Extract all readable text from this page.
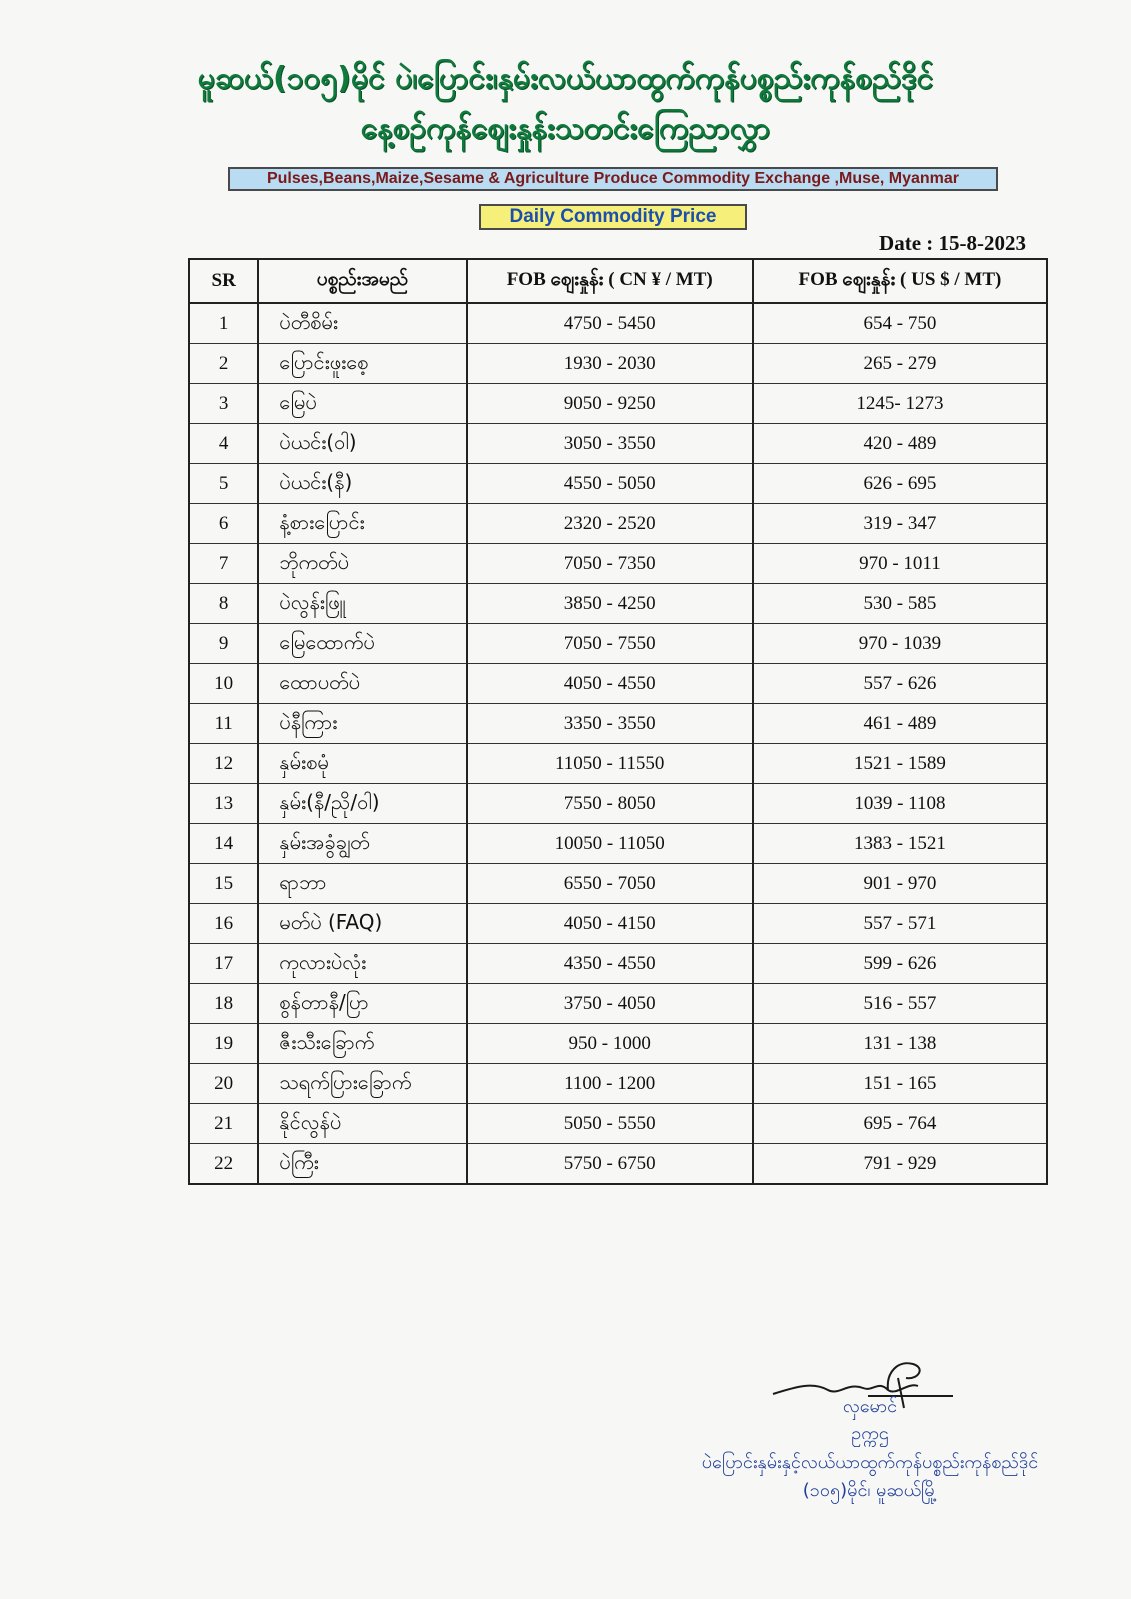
မူဆယ်(၁၀၅)မိုင် ပဲ၊ပြောင်း၊နှမ်းလယ်ယာထွက်ကုန်ပစ္စည်းကုန်စည်ဒိုင်
နေ့စဉ်ကုန်ဈေးနှုန်းသတင်းကြေညာလွှာ
Pulses,Beans,Maize,Sesame & Agriculture Produce Commodity Exchange ,Muse, Myanmar
Daily Commodity Price
Date : 15-8-2023
SR	ပစ္စည်းအမည်	FOB ဈေးနှုန်း ( CN ¥ / MT)	FOB ဈေးနှုန်း ( US $ / MT)
1	ပဲတီစိမ်း	4750 - 5450	654 - 750
2	ပြောင်းဖူးစေ့	1930 - 2030	265 - 279
3	မြေပဲ	9050 - 9250	1245- 1273
4	ပဲယင်း(ဝါ)	3050 - 3550	420 - 489
5	ပဲယင်း(နီ)	4550 - 5050	626 - 695
6	နံ့စားပြောင်း	2320 - 2520	319 - 347
7	ဘိုကတ်ပဲ	7050 - 7350	970 - 1011
8	ပဲလွန်းဖြူ	3850 - 4250	530 - 585
9	မြေထောက်ပဲ	7050 - 7550	970 - 1039
10	ထောပတ်ပဲ	4050 - 4550	557 - 626
11	ပဲနီကြား	3350 - 3550	461 - 489
12	နှမ်းစမုံ	11050 - 11550	1521 - 1589
13	နှမ်း(နီ/ညို/ဝါ)	7550 - 8050	1039 - 1108
14	နှမ်းအခွံချွတ်	10050 - 11050	1383 - 1521
15	ရာဘာ	6550 - 7050	901 - 970
16	မတ်ပဲ (FAQ)	4050 - 4150	557 - 571
17	ကုလားပဲလုံး	4350 - 4550	599 - 626
18	စွန်တာနီ/ပြာ	3750 - 4050	516 - 557
19	ဇီးသီးခြောက်	950 - 1000	131 - 138
20	သရက်ပြားခြောက်	1100 - 1200	151 - 165
21	နိုင်လွန်ပဲ	5050 - 5550	695 - 764
22	ပဲကြီး	5750 - 6750	791 - 929
လှမောင်
ဥက္ကဌ
ပဲပြောင်းနှမ်းနှင့်လယ်ယာထွက်ကုန်ပစ္စည်းကုန်စည်ဒိုင်
(၁၀၅)မိုင်၊ မူဆယ်မြို့
